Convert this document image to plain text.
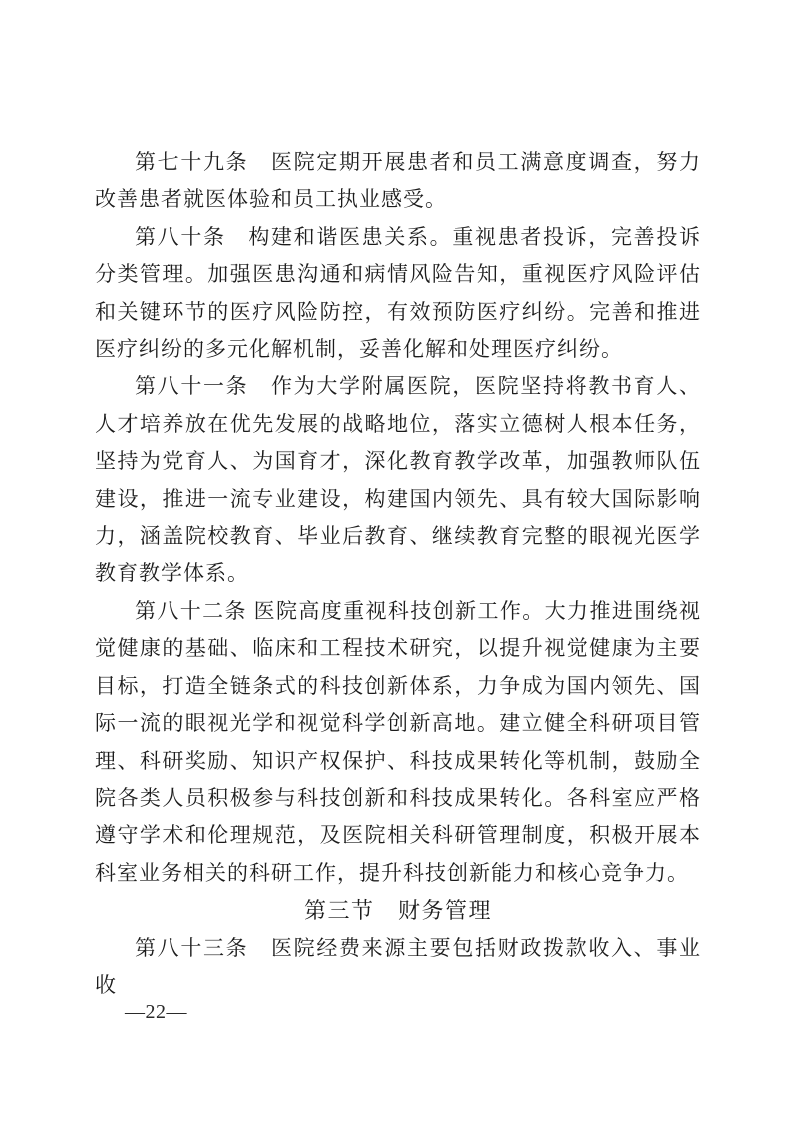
第七十九条　医院定期开展患者和员工满意度调查，努力改善患者就医体验和员工执业感受。

第八十条　构建和谐医患关系。重视患者投诉，完善投诉分类管理。加强医患沟通和病情风险告知，重视医疗风险评估和关键环节的医疗风险防控，有效预防医疗纠纷。完善和推进医疗纠纷的多元化解机制，妥善化解和处理医疗纠纷。

第八十一条　作为大学附属医院，医院坚持将教书育人、人才培养放在优先发展的战略地位，落实立德树人根本任务，坚持为党育人、为国育才，深化教育教学改革，加强教师队伍建设，推进一流专业建设，构建国内领先、具有较大国际影响力，涵盖院校教育、毕业后教育、继续教育完整的眼视光医学教育教学体系。

第八十二条 医院高度重视科技创新工作。大力推进围绕视觉健康的基础、临床和工程技术研究，以提升视觉健康为主要目标，打造全链条式的科技创新体系，力争成为国内领先、国际一流的眼视光学和视觉科学创新高地。建立健全科研项目管理、科研奖励、知识产权保护、科技成果转化等机制，鼓励全院各类人员积极参与科技创新和科技成果转化。各科室应严格遵守学术和伦理规范，及医院相关科研管理制度，积极开展本科室业务相关的科研工作，提升科技创新能力和核心竞争力。

第三节　财务管理

第八十三条　医院经费来源主要包括财政拨款收入、事业收

—22—
